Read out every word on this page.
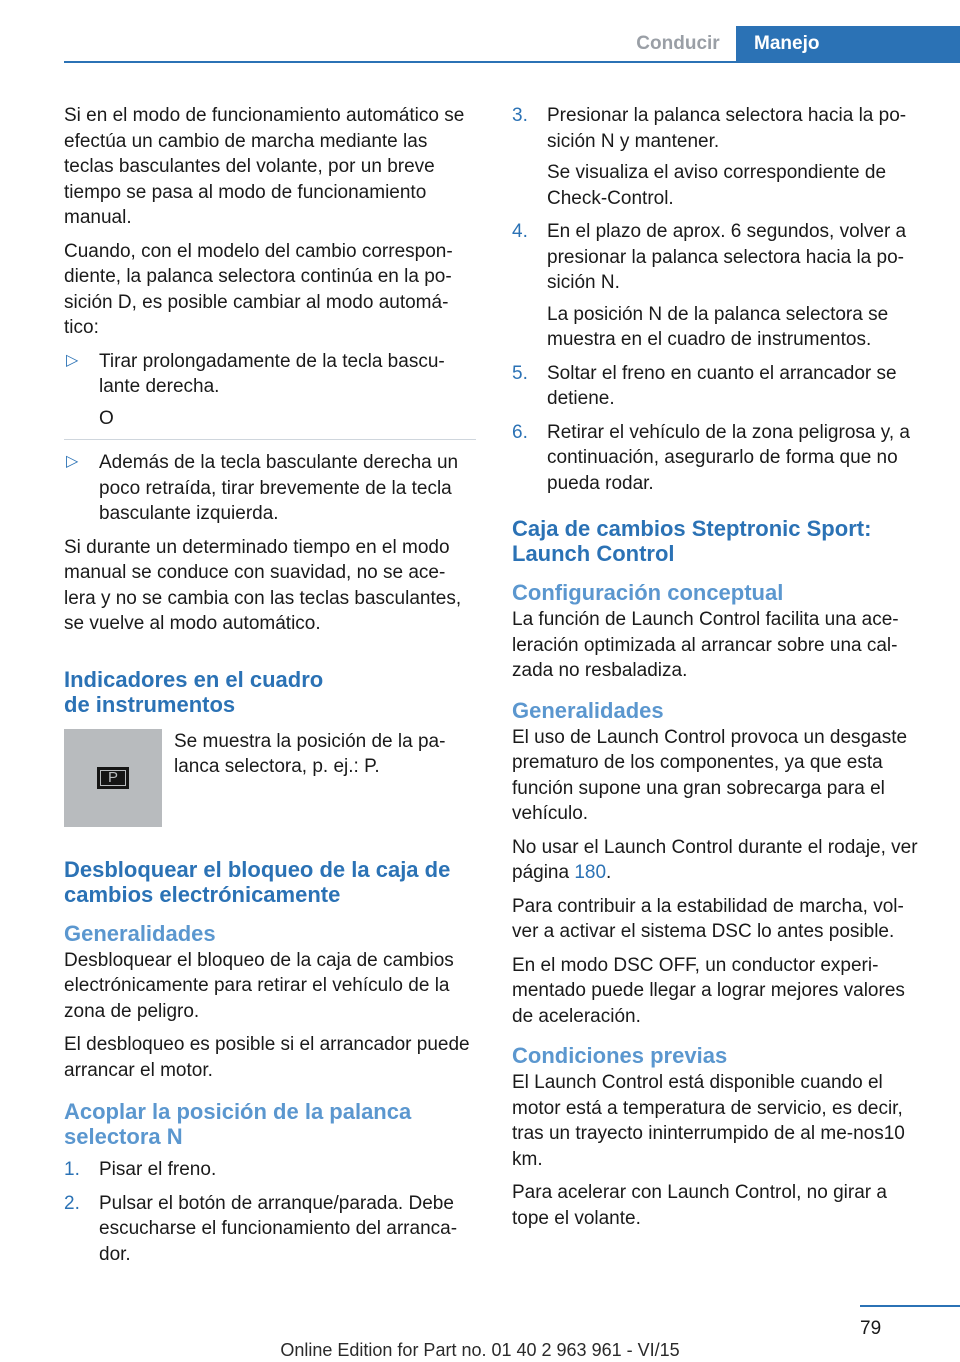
Conducir	Manejo

Si en el modo de funcionamiento automático se efectúa un cambio de marcha mediante las teclas basculantes del volante, por un breve tiempo se pasa al modo de funcionamiento manual.

Cuando, con el modelo del cambio correspon-diente, la palanca selectora continúa en la po-sición D, es posible cambiar al modo automá-tico:

▷ Tirar prolongadamente de la tecla bascu-lante derecha.

O

▷ Además de la tecla basculante derecha un poco retraída, tirar brevemente de la tecla basculante izquierda.

Si durante un determinado tiempo en el modo manual se conduce con suavidad, no se ace-lera y no se cambia con las teclas basculantes, se vuelve al modo automático.

Indicadores en el cuadro de instrumentos
P

Se muestra la posición de la pa-lanca selectora, p. ej.: P.

Desbloquear el bloqueo de la caja de cambios electrónicamente
Generalidades

Desbloquear el bloqueo de la caja de cambios electrónicamente para retirar el vehículo de la zona de peligro.

El desbloqueo es posible si el arrancador puede arrancar el motor.

Acoplar la posición de la palanca selectora N
1. Pisar el freno.

2. Pulsar el botón de arranque/parada. Debe escucharse el funcionamiento del arranca-dor.

3. Presionar la palanca selectora hacia la po-sición N y mantener.

Se visualiza el aviso correspondiente de Check-Control.

4. En el plazo de aprox. 6 segundos, volver a presionar la palanca selectora hacia la po-sición N.

La posición N de la palanca selectora se muestra en el cuadro de instrumentos.

5. Soltar el freno en cuanto el arrancador se detiene.

6. Retirar el vehículo de la zona peligrosa y, a continuación, asegurarlo de forma que no pueda rodar.

Caja de cambios Steptronic Sport: Launch Control
Configuración conceptual

La función de Launch Control facilita una ace-leración optimizada al arrancar sobre una cal-zada no resbaladiza.

Generalidades

El uso de Launch Control provoca un desgaste prematuro de los componentes, ya que esta función supone una gran sobrecarga para el vehículo.

No usar el Launch Control durante el rodaje, ver página 180.

Para contribuir a la estabilidad de marcha, vol-ver a activar el sistema DSC lo antes posible.

En el modo DSC OFF, un conductor experi-mentado puede llegar a lograr mejores valores de aceleración.

Condiciones previas

El Launch Control está disponible cuando el motor está a temperatura de servicio, es decir, tras un trayecto ininterrumpido de al me-nos10 km.

Para acelerar con Launch Control, no girar a tope el volante.

79
Online Edition for Part no. 01 40 2 963 961 - VI/15
